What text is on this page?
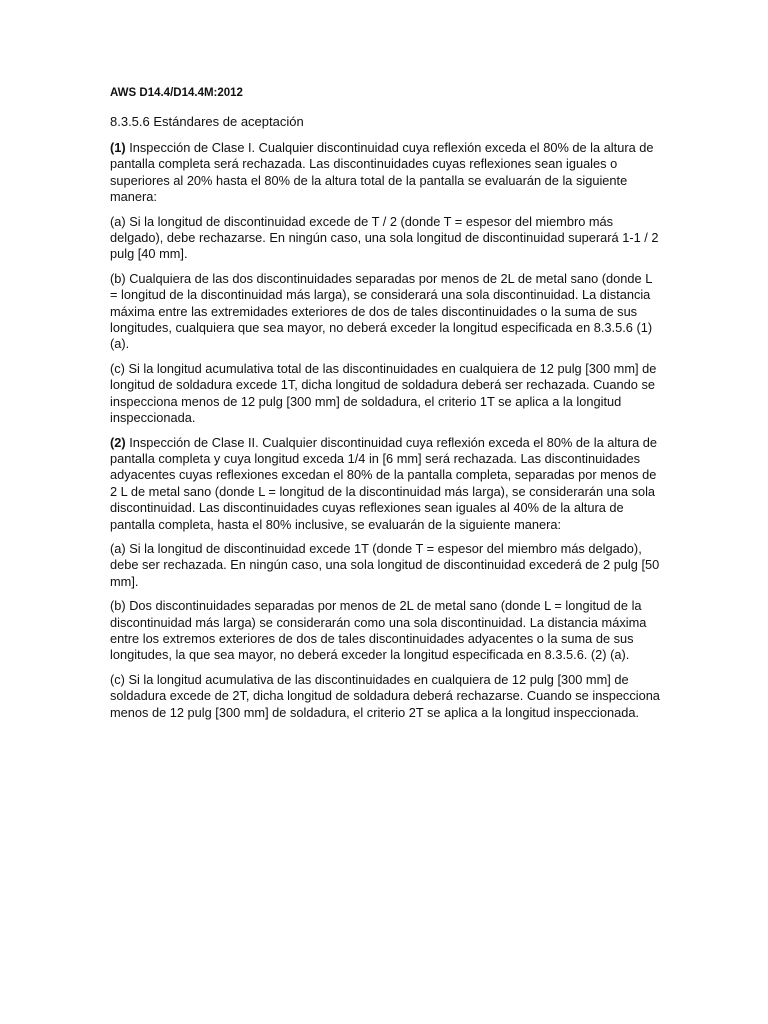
AWS D14.4/D14.4M:2012
8.3.5.6 Estándares de aceptación

(1) Inspección de Clase I. Cualquier discontinuidad cuya reflexión exceda el 80% de la altura de pantalla completa será rechazada. Las discontinuidades cuyas reflexiones sean iguales o superiores al 20% hasta el 80% de la altura total de la pantalla se evaluarán de la siguiente manera:

(a) Si la longitud de discontinuidad excede de T / 2 (donde T = espesor del miembro más delgado), debe rechazarse. En ningún caso, una sola longitud de discontinuidad superará 1-1 / 2 pulg [40 mm].

(b) Cualquiera de las dos discontinuidades separadas por menos de 2L de metal sano (donde L = longitud de la discontinuidad más larga), se considerará una sola discontinuidad. La distancia máxima entre las extremidades exteriores de dos de tales discontinuidades o la suma de sus longitudes, cualquiera que sea mayor, no deberá exceder la longitud especificada en 8.3.5.6 (1) (a).

(c) Si la longitud acumulativa total de las discontinuidades en cualquiera de 12 pulg [300 mm] de longitud de soldadura excede 1T, dicha longitud de soldadura deberá ser rechazada. Cuando se inspecciona menos de 12 pulg [300 mm] de soldadura, el criterio 1T se aplica a la longitud inspeccionada.

(2) Inspección de Clase II. Cualquier discontinuidad cuya reflexión exceda el 80% de la altura de pantalla completa y cuya longitud exceda 1/4 in [6 mm] será rechazada. Las discontinuidades adyacentes cuyas reflexiones excedan el 80% de la pantalla completa, separadas por menos de 2 L de metal sano (donde L = longitud de la discontinuidad más larga), se considerarán una sola discontinuidad. Las discontinuidades cuyas reflexiones sean iguales al 40% de la altura de pantalla completa, hasta el 80% inclusive, se evaluarán de la siguiente manera:

(a) Si la longitud de discontinuidad excede 1T (donde T = espesor del miembro más delgado), debe ser rechazada. En ningún caso, una sola longitud de discontinuidad excederá de 2 pulg [50 mm].

(b) Dos discontinuidades separadas por menos de 2L de metal sano (donde L = longitud de la discontinuidad más larga) se considerarán como una sola discontinuidad. La distancia máxima entre los extremos exteriores de dos de tales discontinuidades adyacentes o la suma de sus longitudes, la que sea mayor, no deberá exceder la longitud especificada en 8.3.5.6. (2) (a).

(c) Si la longitud acumulativa de las discontinuidades en cualquiera de 12 pulg [300 mm] de soldadura excede de 2T, dicha longitud de soldadura deberá rechazarse. Cuando se inspecciona menos de 12 pulg [300 mm] de soldadura, el criterio 2T se aplica a la longitud inspeccionada.
